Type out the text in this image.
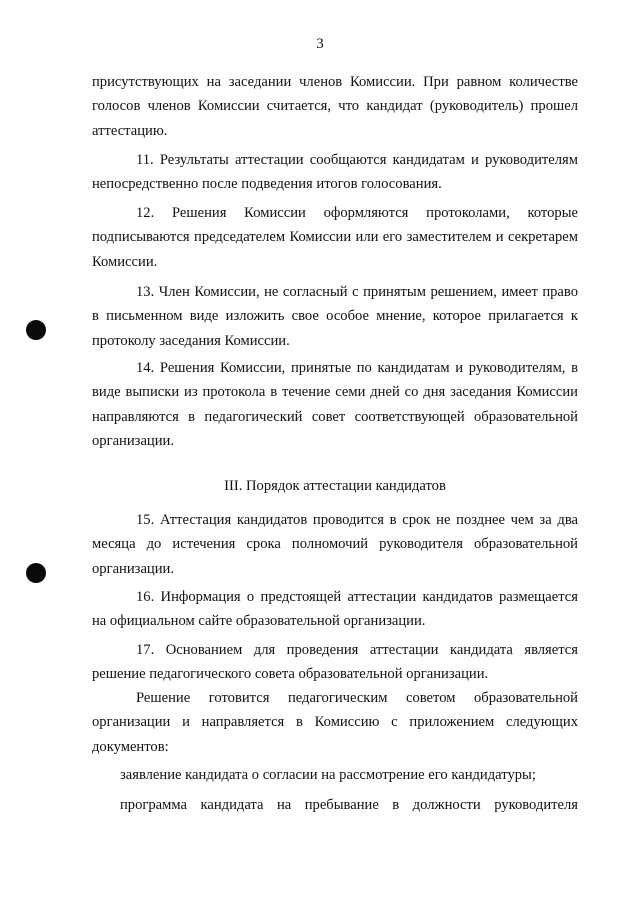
3

присутствующих на заседании членов Комиссии. При равном количестве голосов членов Комиссии считается, что кандидат (руководитель) прошел аттестацию.

11. Результаты аттестации сообщаются кандидатам и руководителям непосредственно после подведения итогов голосования.

12. Решения Комиссии оформляются протоколами, которые подписываются председателем Комиссии или его заместителем и секретарем Комиссии.

13. Член Комиссии, не согласный с принятым решением, имеет право в письменном виде изложить свое особое мнение, которое прилагается к протоколу заседания Комиссии.

14. Решения Комиссии, принятые по кандидатам и руководителям, в виде выписки из протокола в течение семи дней со дня заседания Комиссии направляются в педагогический совет соответствующей образовательной организации.

III. Порядок аттестации кандидатов

15. Аттестация кандидатов проводится в срок не позднее чем за два месяца до истечения срока полномочий руководителя образовательной организации.

16. Информация о предстоящей аттестации кандидатов размещается на официальном сайте образовательной организации.

17. Основанием для проведения аттестации кандидата является решение педагогического совета образовательной организации.

Решение готовится педагогическим советом образовательной организации и направляется в Комиссию с приложением следующих документов:

заявление кандидата о согласии на рассмотрение его кандидатуры;

программа кандидата на пребывание в должности руководителя
